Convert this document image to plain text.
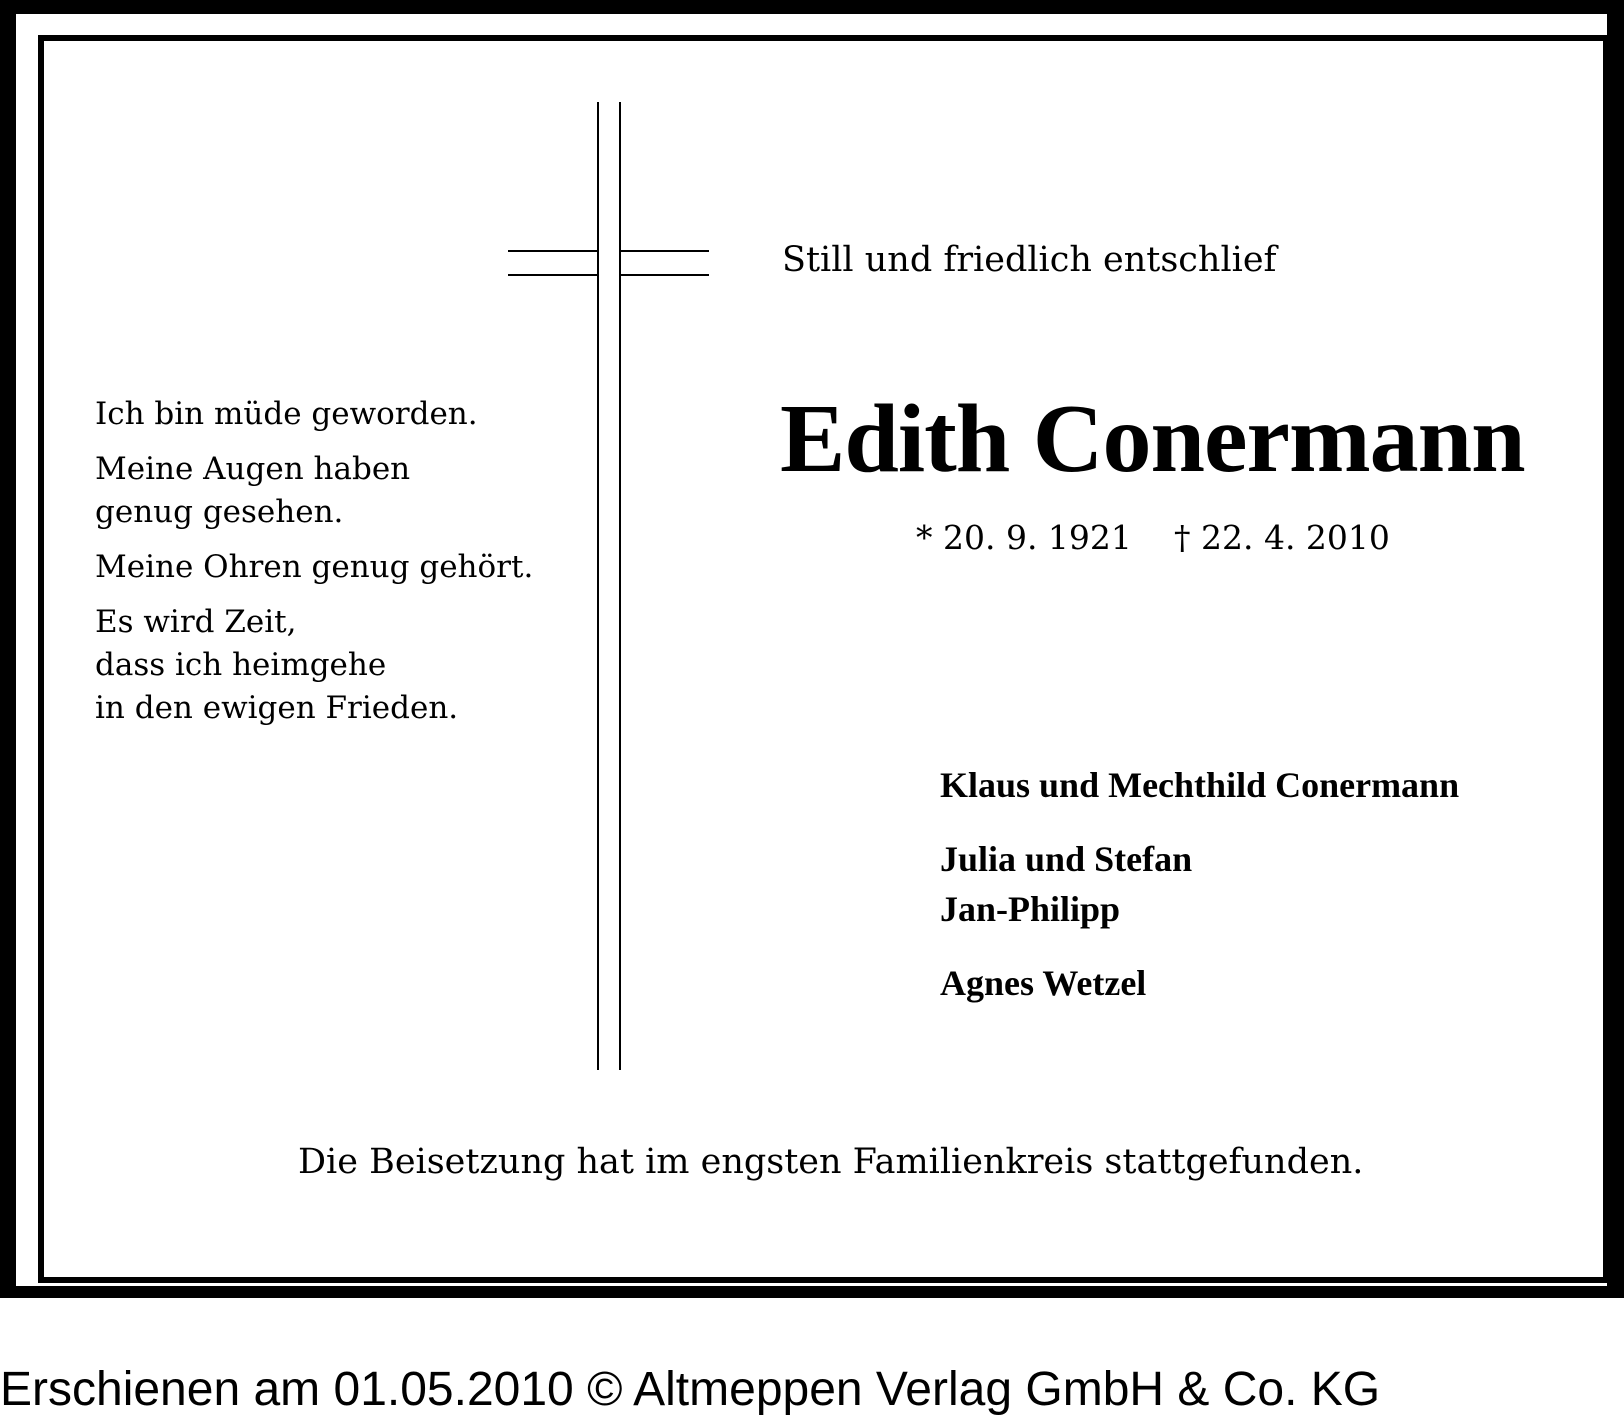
Ich bin müde geworden.

Meine Augen haben
genug gesehen.

Meine Ohren genug gehört.

Es wird Zeit,
dass ich heimgehe
in den ewigen Frieden.

Still und friedlich entschlief
Edith Conermann
* 20. 9. 1921 † 22. 4. 2010
Klaus und Mechthild Conermann
Julia und Stefan
Jan-Philipp
Agnes Wetzel
Die Beisetzung hat im engsten Familienkreis stattgefunden.
Erschienen am 01.05.2010 © Altmeppen Verlag GmbH & Co. KG
